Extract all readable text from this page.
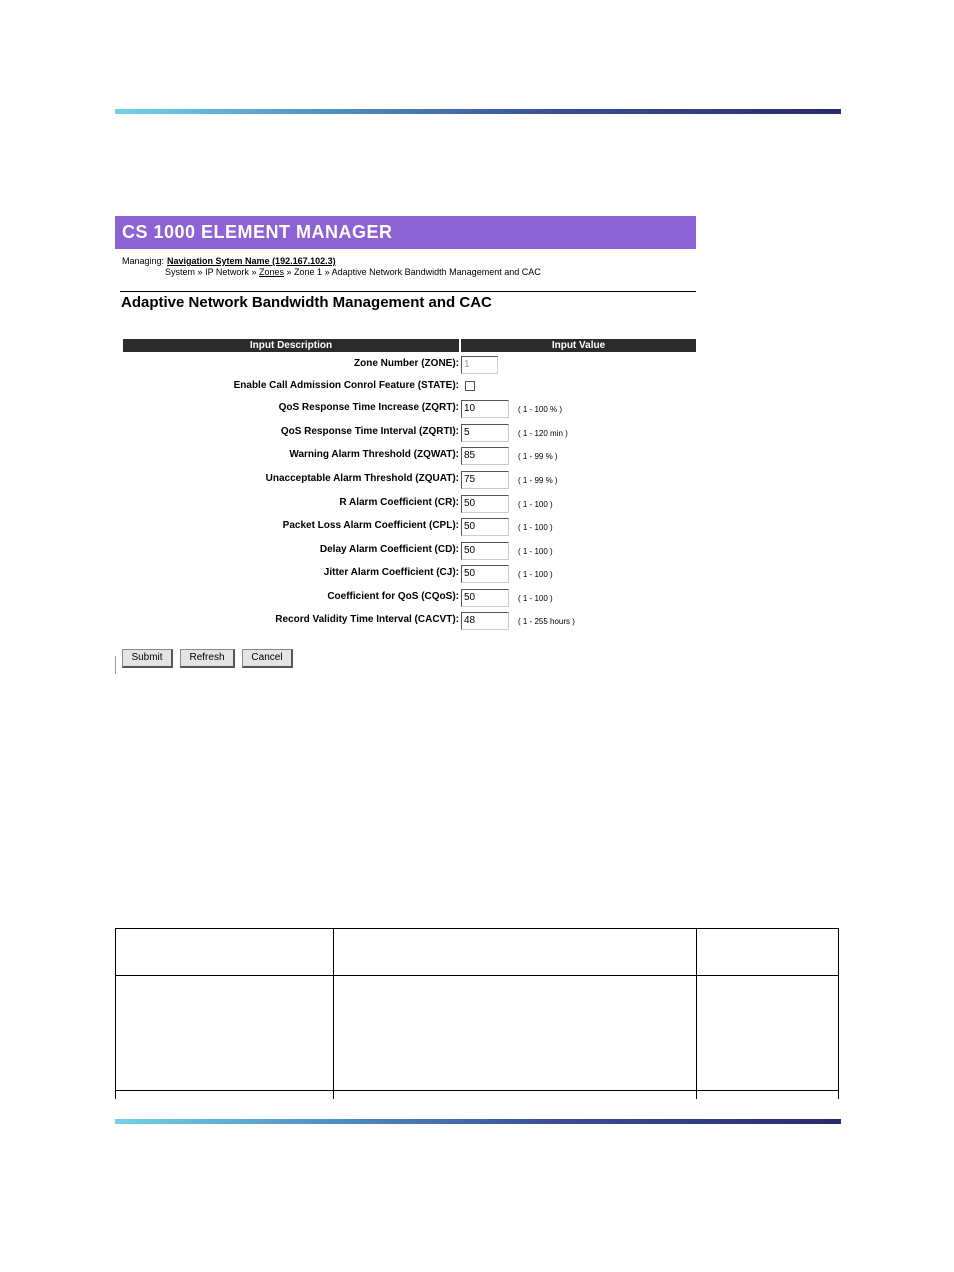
CS 1000 ELEMENT MANAGER
Managing: Navigation Sytem Name (192.167.102.3)
System » IP Network » Zones » Zone 1 » Adaptive Network Bandwidth Management and CAC
Adaptive Network Bandwidth Management and CAC
Input Description	Input Value
Zone Number (ZONE): 1
Enable Call Admission Conrol Feature (STATE):
QoS Response Time Increase (ZQRT): 10	( 1 - 100 % )
QoS Response Time Interval (ZQRTI): 5	( 1 - 120 min )
Warning Alarm Threshold (ZQWAT): 85	( 1 - 99 % )
Unacceptable Alarm Threshold (ZQUAT): 75	( 1 - 99 % )
R Alarm Coefficient (CR): 50	( 1 - 100 )
Packet Loss Alarm Coefficient (CPL): 50	( 1 - 100 )
Delay Alarm Coefficient (CD): 50	( 1 - 100 )
Jitter Alarm Coefficient (CJ): 50	( 1 - 100 )
Coefficient for QoS (CQoS): 50	( 1 - 100 )
Record Validity Time Interval (CACVT): 48	( 1 - 255 hours )
Submit	Refresh	Cancel
